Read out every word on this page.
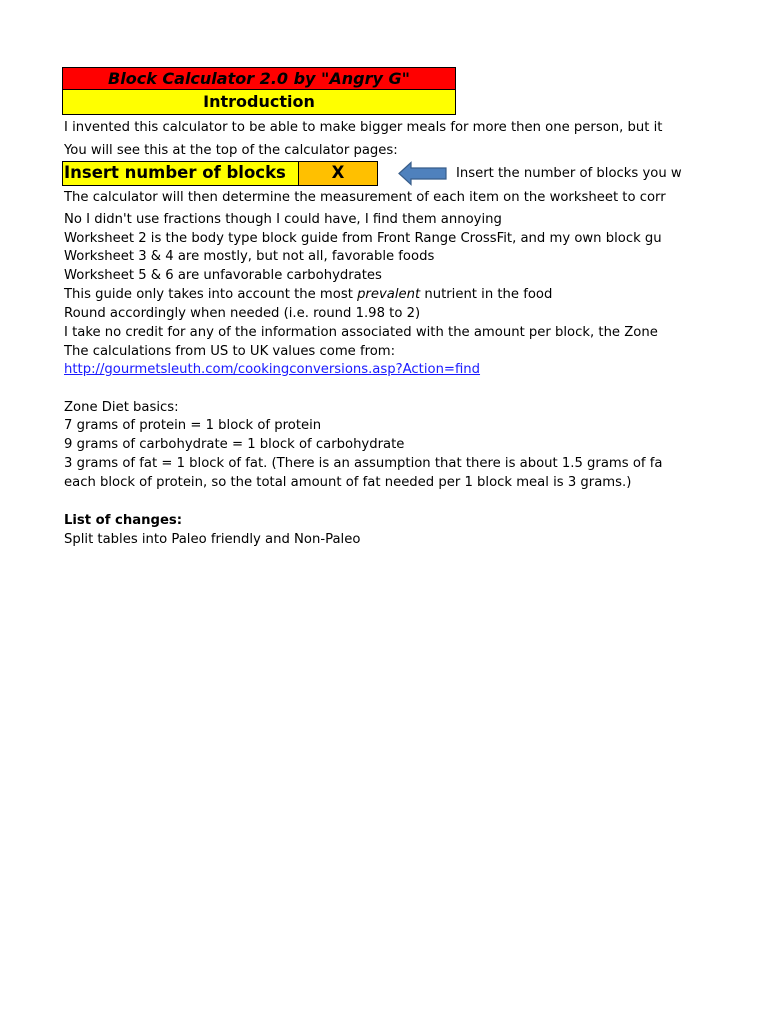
Block Calculator 2.0 by "Angry G"
Introduction
I invented this calculator to be able to make bigger meals for more then one person, but it
You will see this at the top of the calculator pages:
Insert number of blocks	X	Insert the number of blocks you w
The calculator will then determine the measurement of each item on the worksheet to corr
No I didn't use fractions though I could have, I find them annoying
Worksheet 2 is the body type block guide from Front Range CrossFit, and my own block gu
Worksheet 3 & 4 are mostly, but not all, favorable foods
Worksheet 5 & 6 are unfavorable carbohydrates
This guide only takes into account the most prevalent nutrient in the food
Round accordingly when needed (i.e. round 1.98 to 2)
I take no credit for any of the information associated with the amount per block, the Zone
The calculations from US to UK values come from:
http://gourmetsleuth.com/cookingconversions.asp?Action=find
Zone Diet basics:
7 grams of protein = 1 block of protein
9 grams of carbohydrate = 1 block of carbohydrate
3 grams of fat = 1 block of fat. (There is an assumption that there is about 1.5 grams of fa
each block of protein, so the total amount of fat needed per 1 block meal is 3 grams.)
List of changes:
Split tables into Paleo friendly and Non-Paleo
